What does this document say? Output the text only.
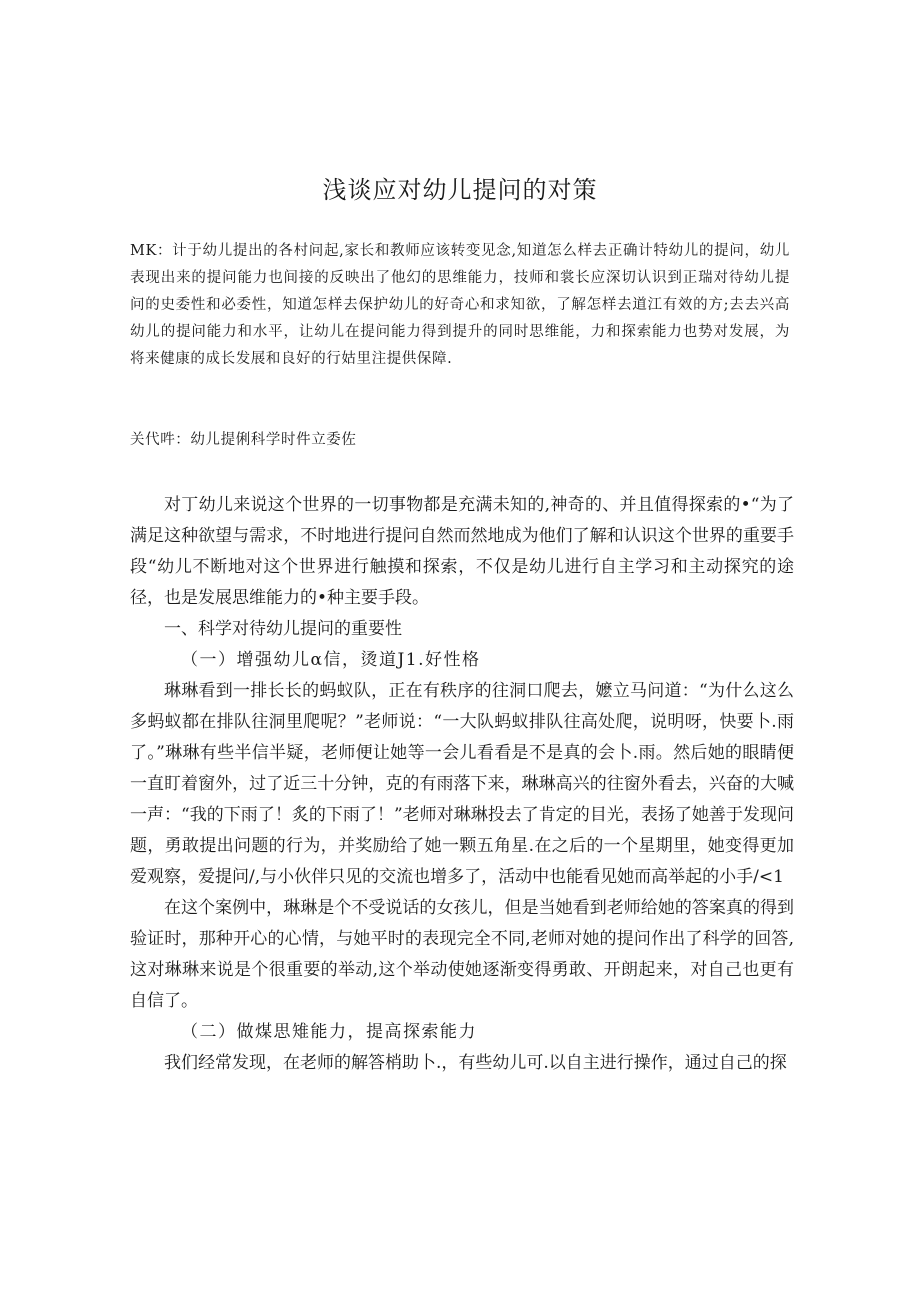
浅谈应对幼儿提问的对策

MK：计于幼儿提出的各村问起,家长和教师应该转变见念,知道怎么样去正确计特幼儿的提问，幼儿表现出来的提问能力也间接的反映出了他幻的思维能力，技师和裳长应深切认识到正瑞对待幼儿提问的史委性和必委性，知道怎样去保护幼儿的好奇心和求知欲，了解怎样去道江有效的方;去去兴高幼儿的提问能力和水平，让幼儿在提问能力得到提升的同时思维能，力和探索能力也势对发展，为将来健康的成长发展和良好的行姑里注提供保障.

关代吽：幼儿提俐科学时件立委佐

对丁幼儿来说这个世界的一切事物都是充满未知的,神奇的、并且值得探索的•“为了满足这种欲望与需求，不时地进行提问自然而然地成为他们了解和认识这个世界的重要手段“幼儿不断地对这个世界进行触摸和探索，不仅是幼儿进行自主学习和主动探究的途径，也是发展思维能力的•种主要手段。

一、科学对待幼儿提问的重要性

（一）增强幼儿α信，烫道J1.好性格

琳琳看到一排长长的蚂蚁队，正在有秩序的往洞口爬去，嬷立马问道：“为什么这么多蚂蚁都在排队往洞里爬呢？”老师说：“一大队蚂蚁排队往高处爬，说明呀，快要卜.雨了。”琳琳有些半信半疑，老师便让她等一会儿看看是不是真的会卜.雨。然后她的眼睛便一直盯着窗外，过了近三十分钟，克的有雨落下来，琳琳高兴的往窗外看去，兴奋的大喊一声：“我的下雨了！炙的下雨了！”老师对琳琳投去了肯定的目光，表扬了她善于发现问题，勇敢提出问题的行为，并奖励给了她一颗五角星.在之后的一个星期里，她变得更加爱观察，爱提问/,与小伙伴只见的交流也增多了，活动中也能看见她而高举起的小手/<1

在这个案例中，琳琳是个不受说话的女孩儿，但是当她看到老师给她的答案真的得到验证时，那种开心的心情，与她平时的表现完全不同,老师对她的提问作出了科学的回答,这对琳琳来说是个很重要的举动,这个举动使她逐渐变得勇敢、开朗起来，对自己也更有自信了。

（二）做煤思雉能力，提高探索能力

我们经常发现，在老师的解答梢助卜.，有些幼儿可.以自主进行操作，通过自己的探
